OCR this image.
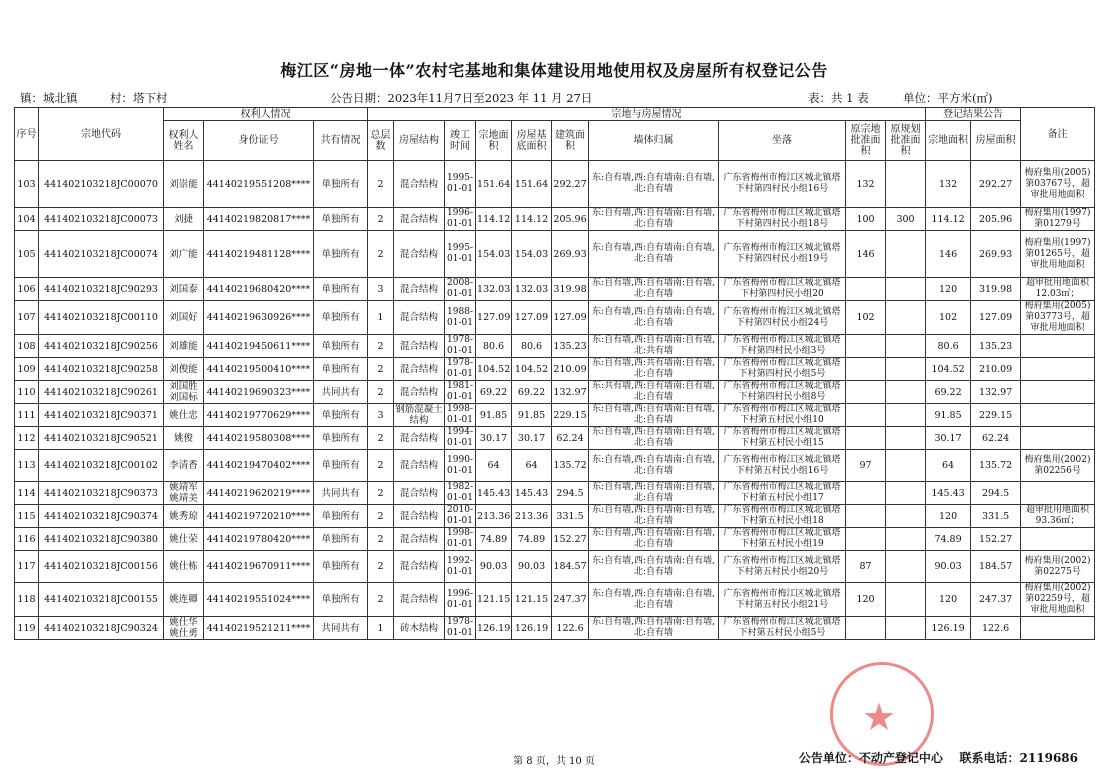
梅江区“房地一体”农村宅基地和集体建设用地使用权及房屋所有权登记公告
镇：城北镇	村：塔下村	公告日期：2023年11月7日至2023 年 11 月 27日	表：共 1 表	单位：平方米(㎡)
序号	宗地代码	权利人情况			宗地与房屋情况										登记结果公告		备注
		权利人姓名	身份证号	共有情况	总层数	房屋结构	竣工时间	宗地面积	房屋基底面积	建筑面积	墙体归属	坐落	原宗地批准面积	原规划批准面积	宗地面积	房屋面积	
103	441402103218JC00070	刘崇能	44140219551208****	单独所有	2	混合结构	1995-01-01	151.64	151.64	292.27	东:自有墙,西:自有墙南:自有墙,北:自有墙	广东省梅州市梅江区城北镇塔下村第四村民小组16号	132		132	292.27	梅府集用(2005)第03767号，超审批用地面积
104	441402103218JC00073	刘捷	44140219820817****	单独所有	2	混合结构	1996-01-01	114.12	114.12	205.96	东:自有墙,西:自有墙南:自有墙,北:自有墙	广东省梅州市梅江区城北镇塔下村第四村民小组18号	100	300	114.12	205.96	梅府集用(1997)第01279号
105	441402103218JC00074	刘广能	44140219481128****	单独所有	2	混合结构	1995-01-01	154.03	154.03	269.93	东:自有墙,西:自有墙南:自有墙,北:自有墙	广东省梅州市梅江区城北镇塔下村第四村民小组19号	146		146	269.93	梅府集用(1997)第01265号，超审批用地面积
106	441402103218JC90293	刘国泰	44140219680420****	单独所有	3	混合结构	2008-01-01	132.03	132.03	319.98	东:自有墙,西:自有墙南:自有墙,北:自有墙	广东省梅州市梅江区城北镇塔下村第四村民小组20			120	319.98	超审批用地面积12.03㎡；
107	441402103218JC00110	刘国好	44140219630926****	单独所有	1	混合结构	1988-01-01	127.09	127.09	127.09	东:自有墙,西:自有墙南:自有墙,北:自有墙	广东省梅州市梅江区城北镇塔下村第四村民小组24号	102		102	127.09	梅府集用(2005)第03773号，超审批用地面积
108	441402103218JC90256	刘雄能	44140219450611****	单独所有	2	混合结构	1978-01-01	80.6	80.6	135.23	东:自有墙,西:自有墙南:自有墙,北:共有墙	广东省梅州市梅江区城北镇塔下村第四村民小组3号			80.6	135.23	
109	441402103218JC90258	刘俊能	44140219500410****	单独所有	2	混合结构	1978-01-01	104.52	104.52	210.09	东:自有墙,西:共有墙南:自有墙,北:自有墙	广东省梅州市梅江区城北镇塔下村第四村民小组5号			104.52	210.09	
110	441402103218JC90261	刘国胜刘国标	44140219690323****	共同共有	2	混合结构	1981-01-01	69.22	69.22	132.97	东:共有墙,西:自有墙南:自有墙,北:自有墙	广东省梅州市梅江区城北镇塔下村第四村民小组8号			69.22	132.97	
111	441402103218JC90371	姚仕忠	44140219770629****	单独所有	3	钢筋混凝土结构	1998-01-01	91.85	91.85	229.15	东:自有墙,西:自有墙南:自有墙,北:自有墙	广东省梅州市梅江区城北镇塔下村第五村民小组10			91.85	229.15	
112	441402103218JC90521	姚俊	44140219580308****	单独所有	2	混合结构	1994-01-01	30.17	30.17	62.24	东:自有墙,西:自有墙南:自有墙,北:自有墙	广东省梅州市梅江区城北镇塔下村第五村民小组15			30.17	62.24	
113	441402103218JC00102	李清香	44140219470402****	单独所有	2	混合结构	1990-01-01	64	64	135.72	东:自有墙,西:自有墙南:自有墙,北:自有墙	广东省梅州市梅江区城北镇塔下村第五村民小组16号	97		64	135.72	梅府集用(2002)第02256号
114	441402103218JC90373	姚靖军姚靖美	44140219620219****	共同共有	2	混合结构	1982-01-01	145.43	145.43	294.5	东:自有墙,西:自有墙南:自有墙,北:自有墙	广东省梅州市梅江区城北镇塔下村第五村民小组17			145.43	294.5	
115	441402103218JC90374	姚秀琼	44140219720210****	单独所有	2	混合结构	2010-01-01	213.36	213.36	331.5	东:自有墙,西:自有墙南:自有墙,北:自有墙	广东省梅州市梅江区城北镇塔下村第五村民小组18			120	331.5	超审批用地面积93.36㎡；
116	441402103218JC90380	姚仕荣	44140219780420****	单独所有	2	混合结构	1998-01-01	74.89	74.89	152.27	东:自有墙,西:自有墙南:自有墙,北:自有墙	广东省梅州市梅江区城北镇塔下村第五村民小组19			74.89	152.27	
117	441402103218JC00156	姚仕栋	44140219670911****	单独所有	2	混合结构	1992-01-01	90.03	90.03	184.57	东:自有墙,西:自有墙南:自有墙,北:自有墙	广东省梅州市梅江区城北镇塔下村第五村民小组20号	87		90.03	184.57	梅府集用(2002)第02275号
118	441402103218JC00155	姚连卿	44140219551024****	单独所有	2	混合结构	1996-01-01	121.15	121.15	247.37	东:自有墙,西:自有墙南:自有墙,北:自有墙	广东省梅州市梅江区城北镇塔下村第五村民小组21号	120		120	247.37	梅府集用(2002)第02259号，超审批用地面积
119	441402103218JC90324	姚仕华姚仕勇	44140219521211****	共同共有	1	砖木结构	1978-01-01	126.19	126.19	122.6	东:自有墙,西:自有墙南:自有墙,北:自有墙	广东省梅州市梅江区城北镇塔下村第五村民小组5号			126.19	122.6	
★
第 8 页，共 10 页	公告单位：不动产登记中心 联系电话：2119686
